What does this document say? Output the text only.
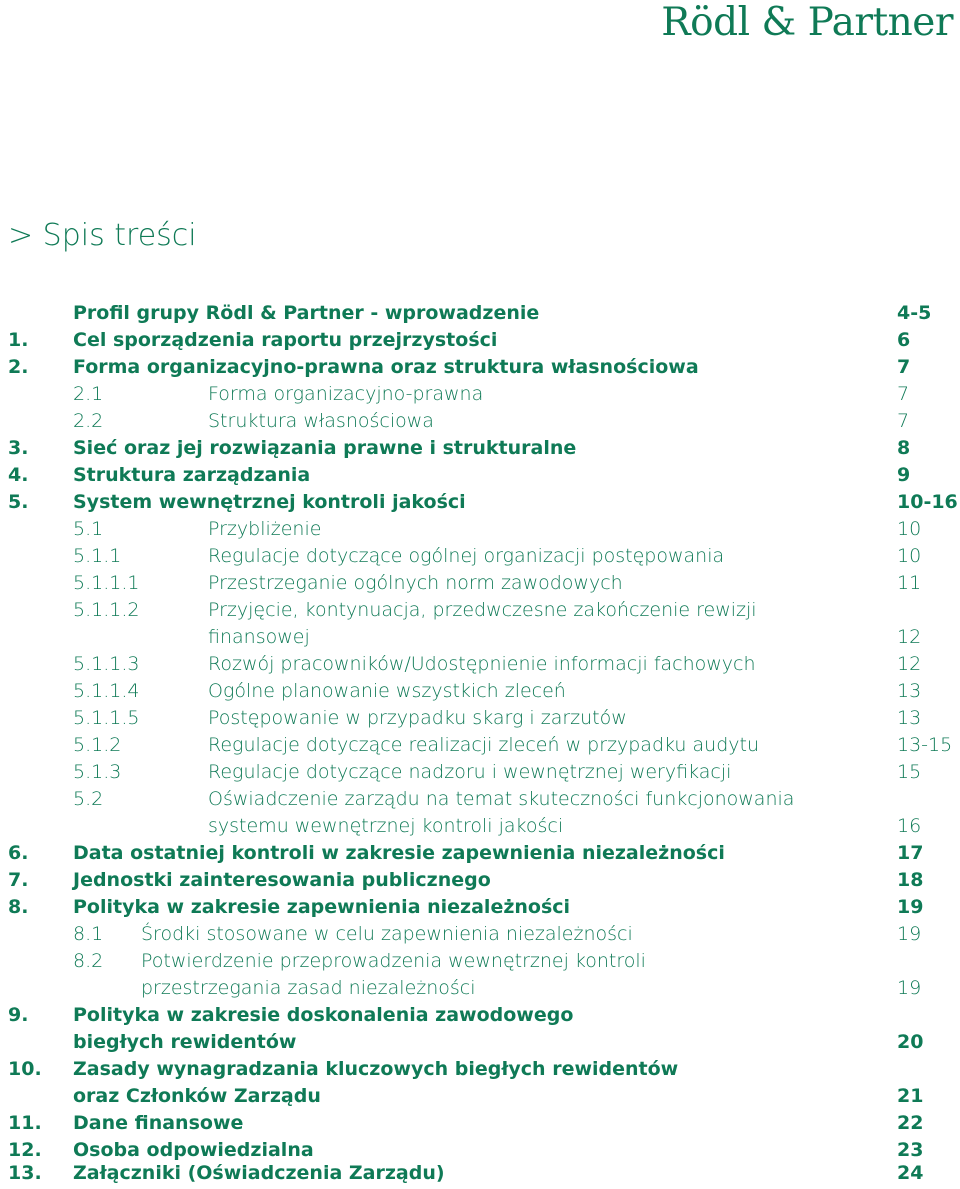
Rödl & Partner
> Spis treści
Profil grupy Rödl & Partner - wprowadzenie	4-5
1. Cel sporządzenia raportu przejrzystości	6
2. Forma organizacyjno-prawna oraz struktura własnościowa	7
2.1	Forma organizacyjno-prawna	7
2.2	Struktura własnościowa	7
3. Sieć oraz jej rozwiązania prawne i strukturalne	8
4. Struktura zarządzania	9
5. System wewnętrznej kontroli jakości	10-16
5.1	Przybliżenie	10
5.1.1	Regulacje dotyczące ogólnej organizacji postępowania	10
5.1.1.1	Przestrzeganie ogólnych norm zawodowych	11
5.1.1.2	Przyjęcie, kontynuacja, przedwczesne zakończenie rewizji
finansowej	12
5.1.1.3	Rozwój pracowników/Udostępnienie informacji fachowych	12
5.1.1.4	Ogólne planowanie wszystkich zleceń	13
5.1.1.5	Postępowanie w przypadku skarg i zarzutów	13
5.1.2	Regulacje dotyczące realizacji zleceń w przypadku audytu	13-15
5.1.3	Regulacje dotyczące nadzoru i wewnętrznej weryfikacji	15
5.2	Oświadczenie zarządu na temat skuteczności funkcjonowania
systemu wewnętrznej kontroli jakości	16
6. Data ostatniej kontroli w zakresie zapewnienia niezależności	17
7. Jednostki zainteresowania publicznego	18
8. Polityka w zakresie zapewnienia niezależności	19
8.1 Środki stosowane w celu zapewnienia niezależności	19
8.2 Potwierdzenie przeprowadzenia wewnętrznej kontroli
przestrzegania zasad niezależności	19
9. Polityka w zakresie doskonalenia zawodowego
biegłych rewidentów	20
10. Zasady wynagradzania kluczowych biegłych rewidentów
oraz Członków Zarządu	21
11. Dane finansowe	22
12. Osoba odpowiedzialna	23
13. Załączniki (Oświadczenia Zarządu)	24
